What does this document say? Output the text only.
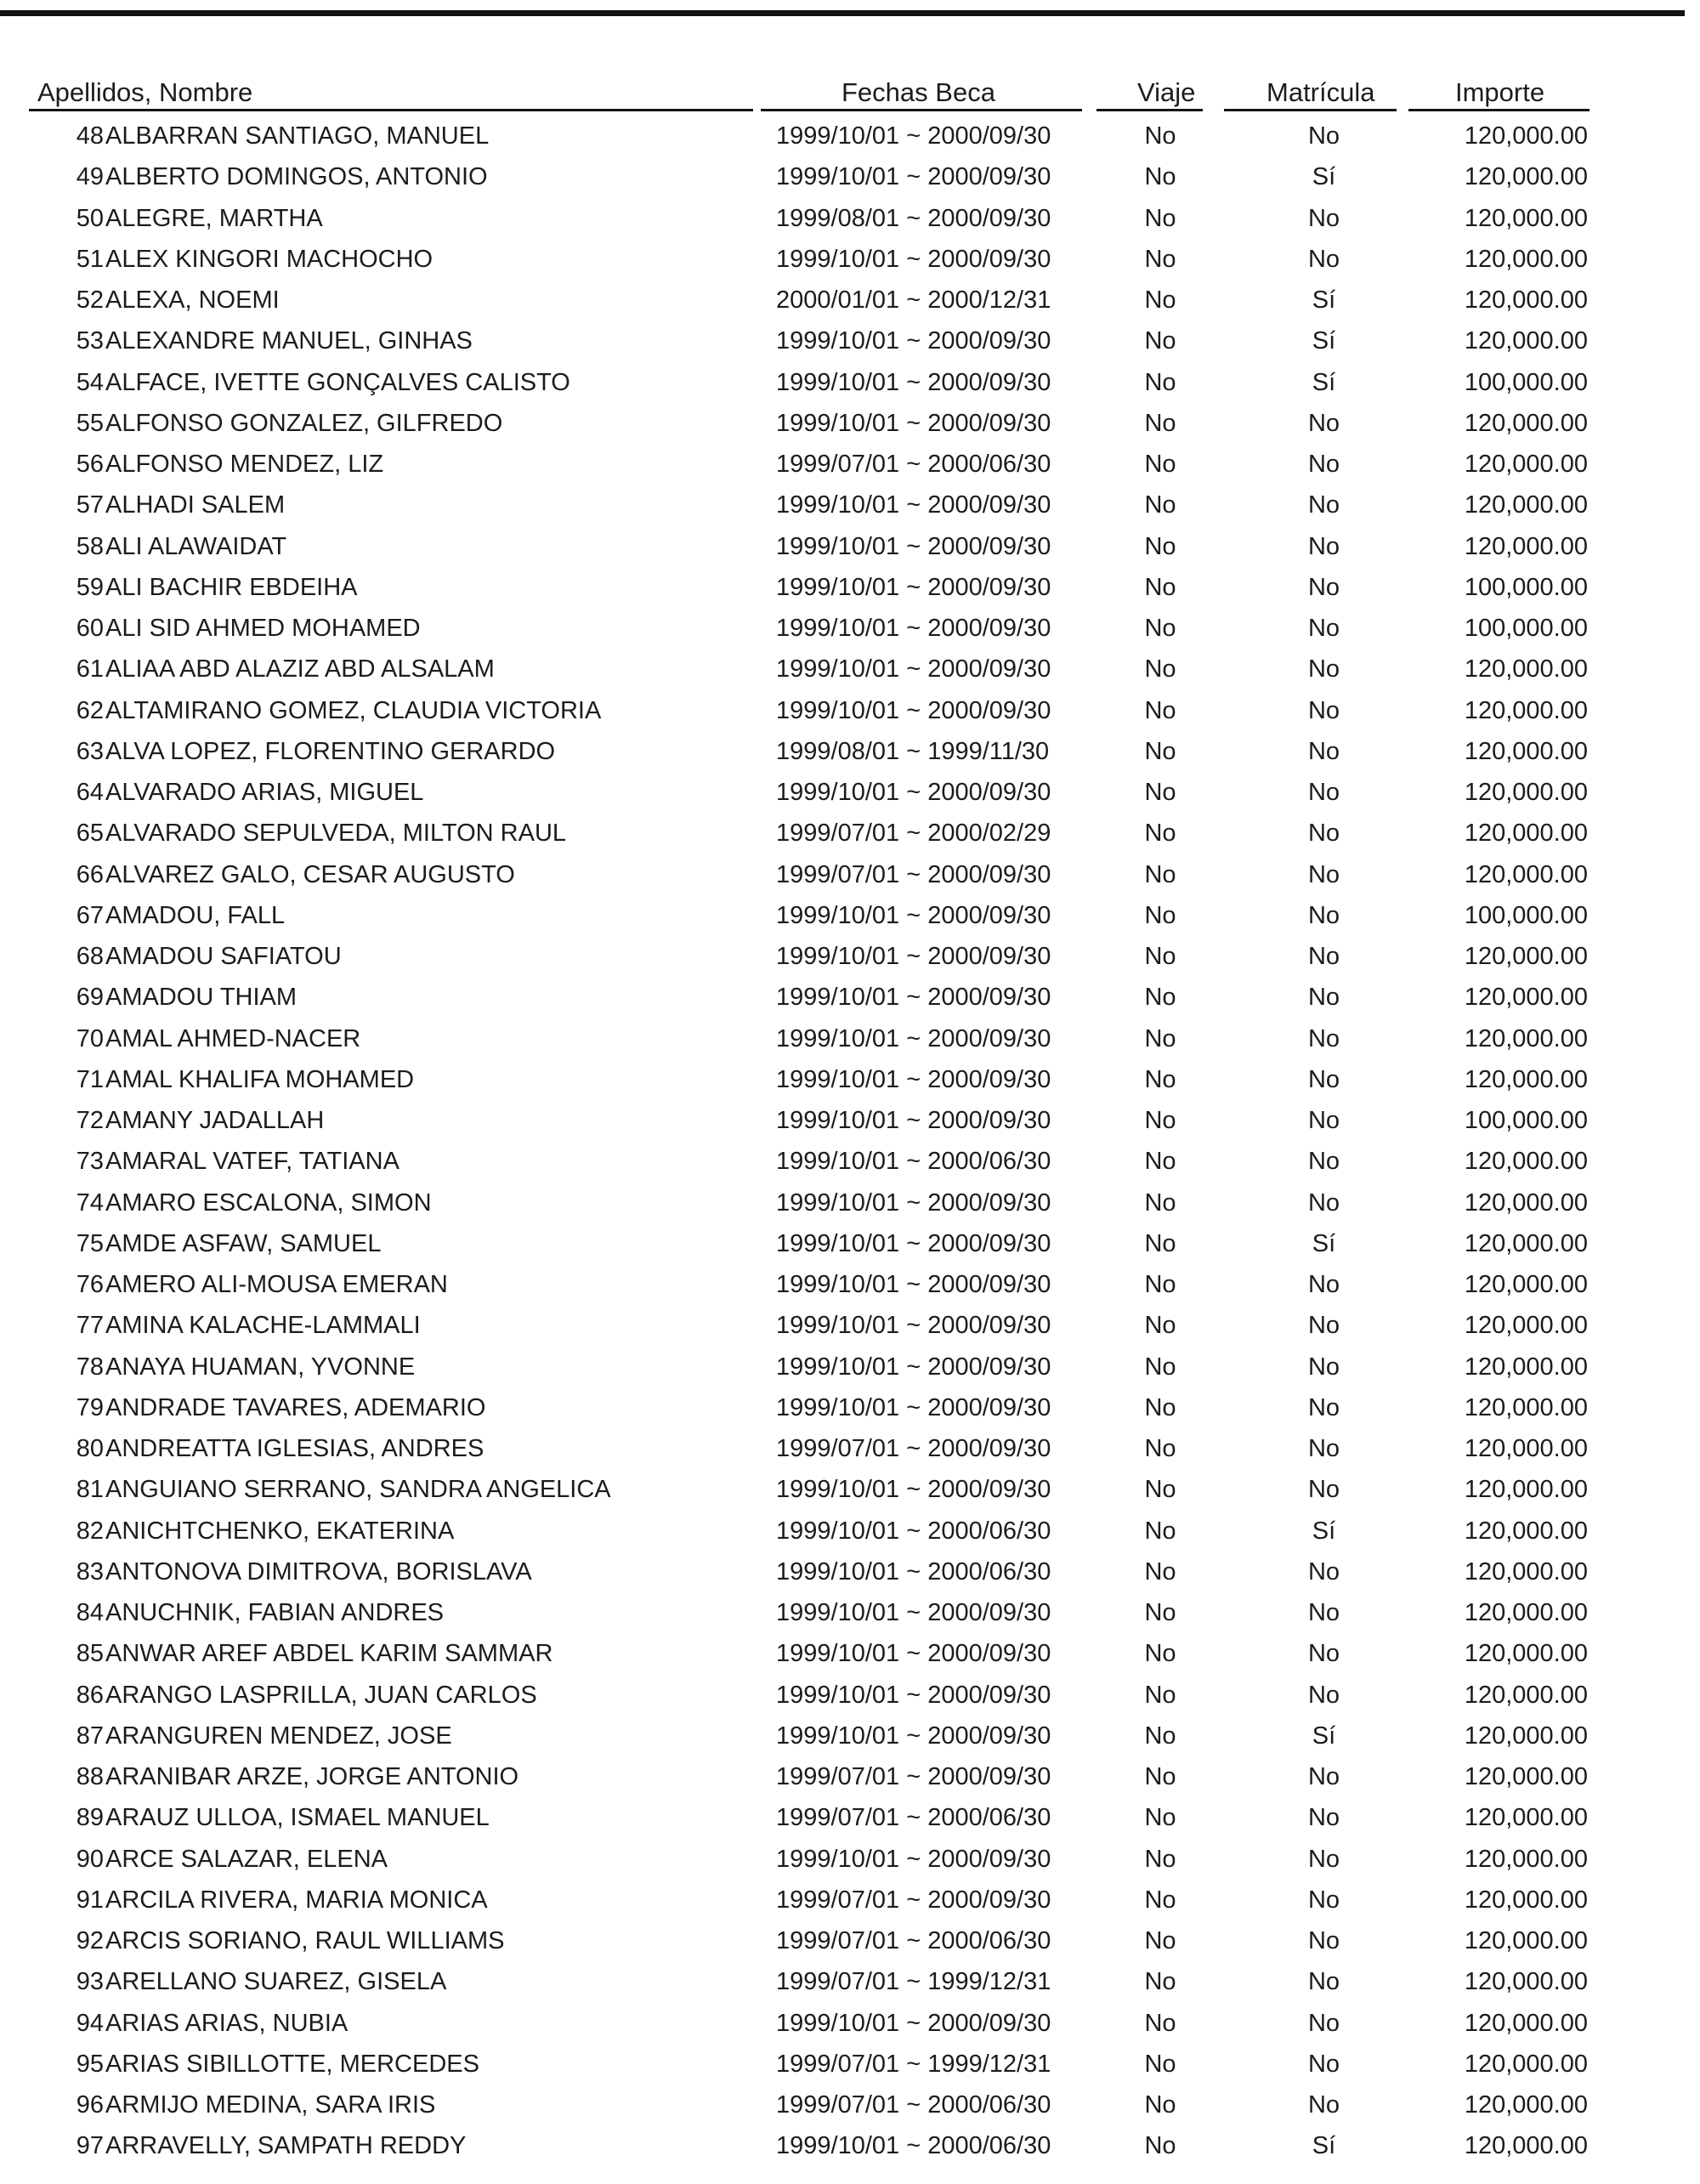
Apellidos, Nombre	Fechas Beca	Viaje	Matrícula	Importe
48 ALBARRAN SANTIAGO, MANUEL	1999/10/01 ~ 2000/09/30	No	No	120,000.00
49 ALBERTO DOMINGOS, ANTONIO	1999/10/01 ~ 2000/09/30	No	Sí	120,000.00
50 ALEGRE, MARTHA	1999/08/01 ~ 2000/09/30	No	No	120,000.00
51 ALEX KINGORI MACHOCHO	1999/10/01 ~ 2000/09/30	No	No	120,000.00
52 ALEXA, NOEMI	2000/01/01 ~ 2000/12/31	No	Sí	120,000.00
53 ALEXANDRE MANUEL, GINHAS	1999/10/01 ~ 2000/09/30	No	Sí	120,000.00
54 ALFACE, IVETTE GONÇALVES CALISTO	1999/10/01 ~ 2000/09/30	No	Sí	100,000.00
55 ALFONSO GONZALEZ, GILFREDO	1999/10/01 ~ 2000/09/30	No	No	120,000.00
56 ALFONSO MENDEZ, LIZ	1999/07/01 ~ 2000/06/30	No	No	120,000.00
57 ALHADI SALEM	1999/10/01 ~ 2000/09/30	No	No	120,000.00
58 ALI ALAWAIDAT	1999/10/01 ~ 2000/09/30	No	No	120,000.00
59 ALI BACHIR EBDEIHA	1999/10/01 ~ 2000/09/30	No	No	100,000.00
60 ALI SID AHMED MOHAMED	1999/10/01 ~ 2000/09/30	No	No	100,000.00
61 ALIAA ABD ALAZIZ ABD ALSALAM	1999/10/01 ~ 2000/09/30	No	No	120,000.00
62 ALTAMIRANO GOMEZ, CLAUDIA VICTORIA	1999/10/01 ~ 2000/09/30	No	No	120,000.00
63 ALVA LOPEZ, FLORENTINO GERARDO	1999/08/01 ~ 1999/11/30	No	No	120,000.00
64 ALVARADO ARIAS, MIGUEL	1999/10/01 ~ 2000/09/30	No	No	120,000.00
65 ALVARADO SEPULVEDA, MILTON RAUL	1999/07/01 ~ 2000/02/29	No	No	120,000.00
66 ALVAREZ GALO, CESAR AUGUSTO	1999/07/01 ~ 2000/09/30	No	No	120,000.00
67 AMADOU, FALL	1999/10/01 ~ 2000/09/30	No	No	100,000.00
68 AMADOU SAFIATOU	1999/10/01 ~ 2000/09/30	No	No	120,000.00
69 AMADOU THIAM	1999/10/01 ~ 2000/09/30	No	No	120,000.00
70 AMAL AHMED-NACER	1999/10/01 ~ 2000/09/30	No	No	120,000.00
71 AMAL KHALIFA MOHAMED	1999/10/01 ~ 2000/09/30	No	No	120,000.00
72 AMANY JADALLAH	1999/10/01 ~ 2000/09/30	No	No	100,000.00
73 AMARAL VATEF, TATIANA	1999/10/01 ~ 2000/06/30	No	No	120,000.00
74 AMARO ESCALONA, SIMON	1999/10/01 ~ 2000/09/30	No	No	120,000.00
75 AMDE ASFAW, SAMUEL	1999/10/01 ~ 2000/09/30	No	Sí	120,000.00
76 AMERO ALI-MOUSA EMERAN	1999/10/01 ~ 2000/09/30	No	No	120,000.00
77 AMINA KALACHE-LAMMALI	1999/10/01 ~ 2000/09/30	No	No	120,000.00
78 ANAYA HUAMAN, YVONNE	1999/10/01 ~ 2000/09/30	No	No	120,000.00
79 ANDRADE TAVARES, ADEMARIO	1999/10/01 ~ 2000/09/30	No	No	120,000.00
80 ANDREATTA IGLESIAS, ANDRES	1999/07/01 ~ 2000/09/30	No	No	120,000.00
81 ANGUIANO SERRANO, SANDRA ANGELICA	1999/10/01 ~ 2000/09/30	No	No	120,000.00
82 ANICHTCHENKO, EKATERINA	1999/10/01 ~ 2000/06/30	No	Sí	120,000.00
83 ANTONOVA DIMITROVA, BORISLAVA	1999/10/01 ~ 2000/06/30	No	No	120,000.00
84 ANUCHNIK, FABIAN ANDRES	1999/10/01 ~ 2000/09/30	No	No	120,000.00
85 ANWAR AREF ABDEL KARIM SAMMAR	1999/10/01 ~ 2000/09/30	No	No	120,000.00
86 ARANGO LASPRILLA, JUAN CARLOS	1999/10/01 ~ 2000/09/30	No	No	120,000.00
87 ARANGUREN MENDEZ, JOSE	1999/10/01 ~ 2000/09/30	No	Sí	120,000.00
88 ARANIBAR ARZE, JORGE ANTONIO	1999/07/01 ~ 2000/09/30	No	No	120,000.00
89 ARAUZ ULLOA, ISMAEL MANUEL	1999/07/01 ~ 2000/06/30	No	No	120,000.00
90 ARCE SALAZAR, ELENA	1999/10/01 ~ 2000/09/30	No	No	120,000.00
91 ARCILA RIVERA, MARIA MONICA	1999/07/01 ~ 2000/09/30	No	No	120,000.00
92 ARCIS SORIANO, RAUL WILLIAMS	1999/07/01 ~ 2000/06/30	No	No	120,000.00
93 ARELLANO SUAREZ, GISELA	1999/07/01 ~ 1999/12/31	No	No	120,000.00
94 ARIAS ARIAS, NUBIA	1999/10/01 ~ 2000/09/30	No	No	120,000.00
95 ARIAS SIBILLOTTE, MERCEDES	1999/07/01 ~ 1999/12/31	No	No	120,000.00
96 ARMIJO MEDINA, SARA IRIS	1999/07/01 ~ 2000/06/30	No	No	120,000.00
97 ARRAVELLY, SAMPATH REDDY	1999/10/01 ~ 2000/06/30	No	Sí	120,000.00
